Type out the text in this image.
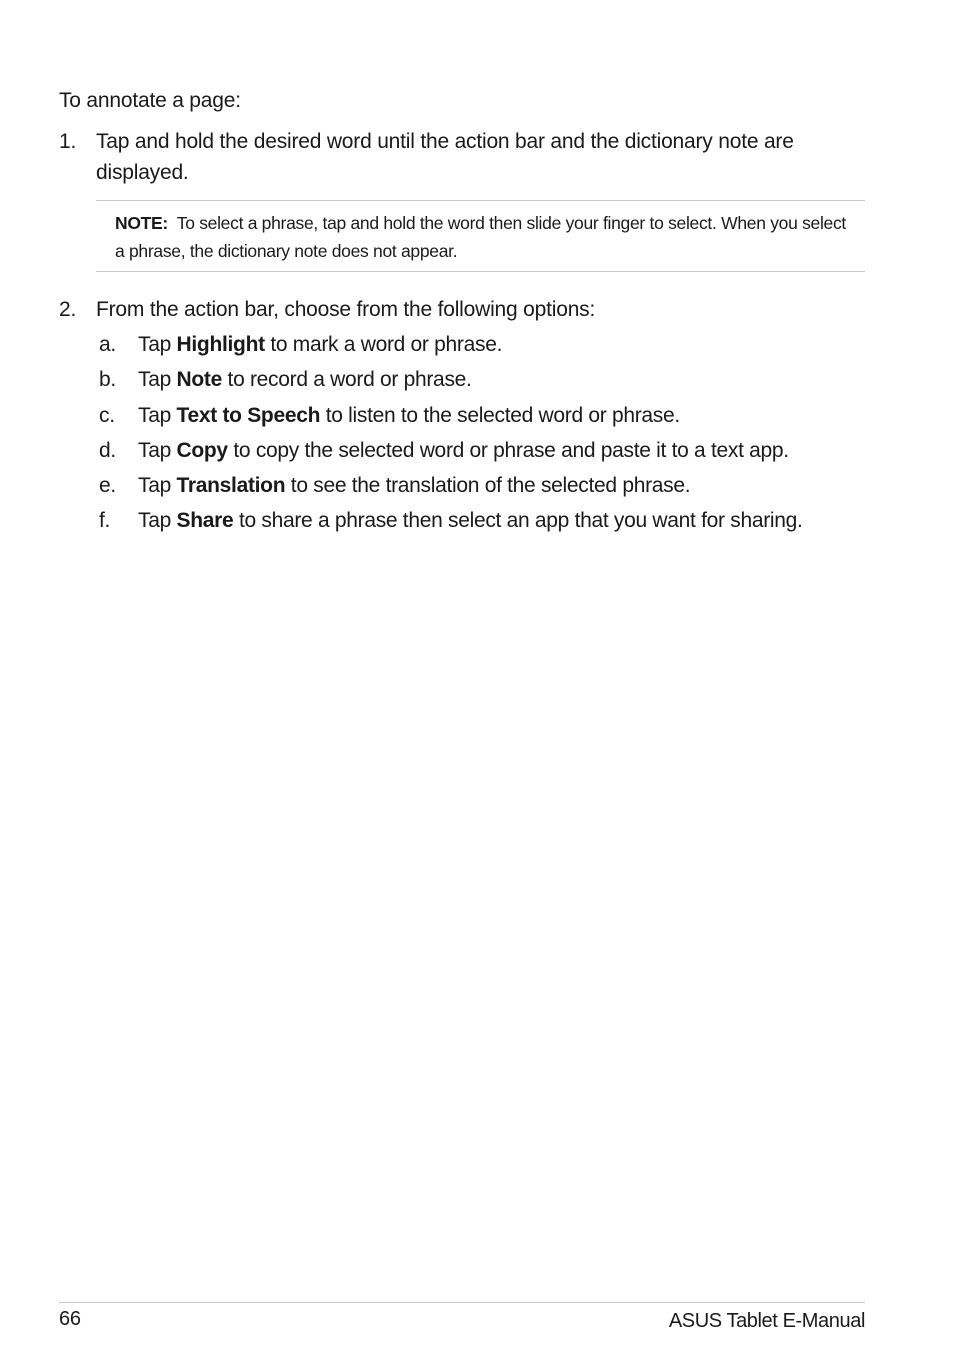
To annotate a page:
1. Tap and hold the desired word until the action bar and the dictionary note are displayed.

NOTE: To select a phrase, tap and hold the word then slide your finger to select. When you select a phrase, the dictionary note does not appear.

2. From the action bar, choose from the following options:
a. Tap Highlight to mark a word or phrase.
b. Tap Note to record a word or phrase.
c. Tap Text to Speech to listen to the selected word or phrase.
d. Tap Copy to copy the selected word or phrase and paste it to a text app.
e. Tap Translation to see the translation of the selected phrase.
f. Tap Share to share a phrase then select an app that you want for sharing.
66	ASUS Tablet E-Manual
